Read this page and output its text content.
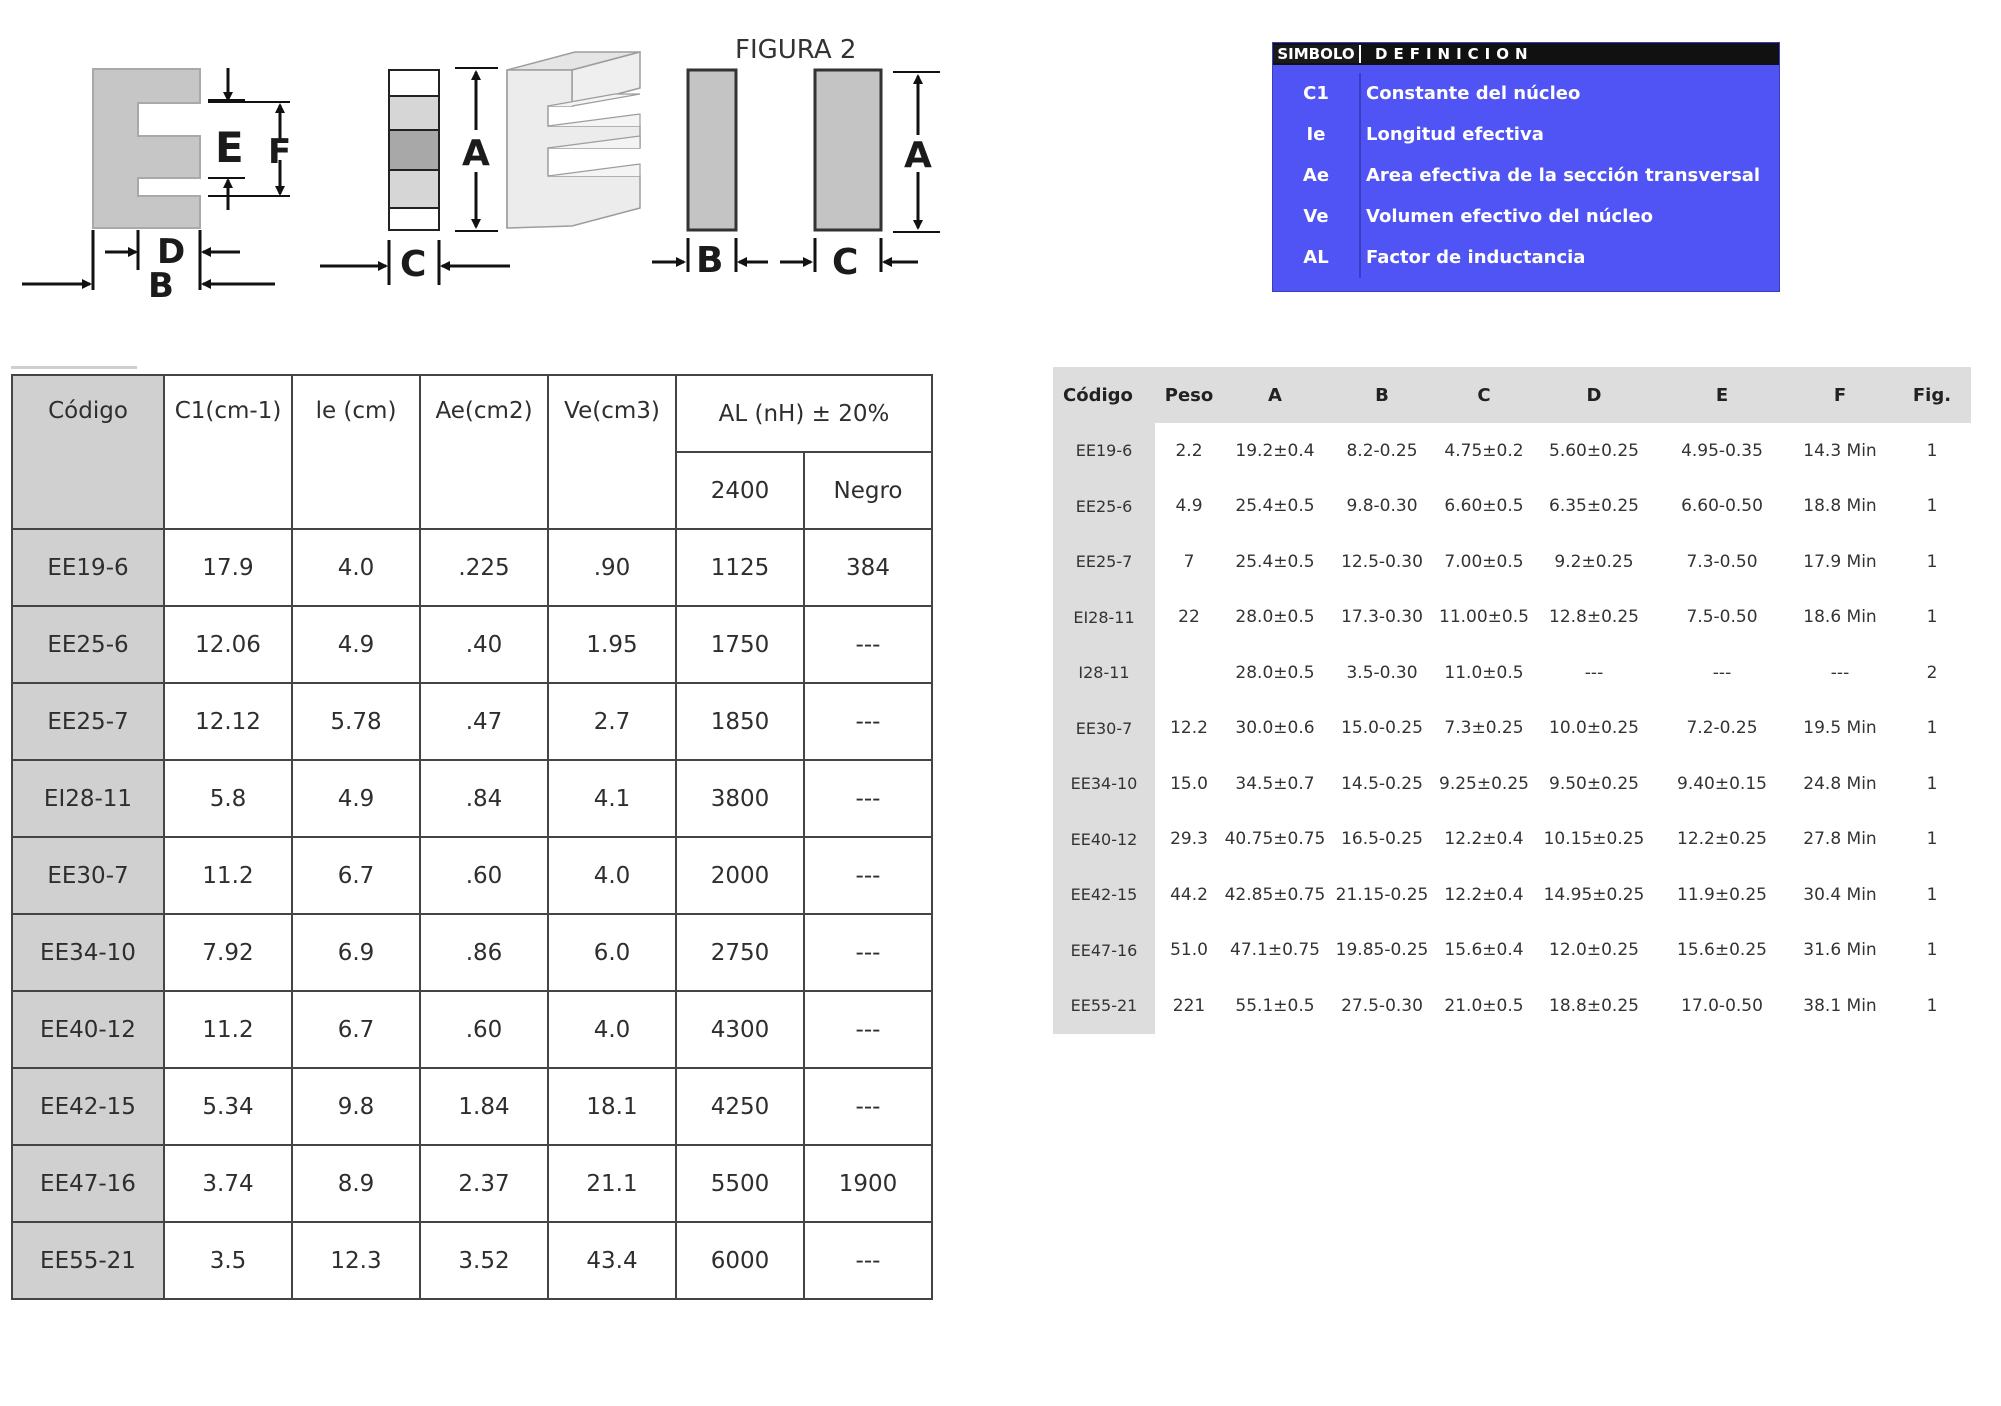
FIGURA 2
E F
D
B
A
C	B	C
A
SIMBOLO	DEFINICION
C1	Constante del núcleo
Ie	Longitud efectiva
Ae	Area efectiva de la sección transversal
Ve	Volumen efectivo del núcleo
AL	Factor de inductancia
Código	C1(cm-1)	le (cm)	Ae(cm2)	Ve(cm3)	AL (nH) ± 20%	
					2400	Negro
EE19-6	17.9	4.0	.225	.90	1125	384
EE25-6	12.06	4.9	.40	1.95	1750	---
EE25-7	12.12	5.78	.47	2.7	1850	---
EI28-11	5.8	4.9	.84	4.1	3800	---
EE30-7	11.2	6.7	.60	4.0	2000	---
EE34-10	7.92	6.9	.86	6.0	2750	---
EE40-12	11.2	6.7	.60	4.0	4300	---
EE42-15	5.34	9.8	1.84	18.1	4250	---
EE47-16	3.74	8.9	2.37	21.1	5500	1900
EE55-21	3.5	12.3	3.52	43.4	6000	---
Código	Peso	A	B	C	D	E	F	Fig.
EE19-6	2.2	19.2±0.4	8.2-0.25	4.75±0.2	5.60±0.25	4.95-0.35	14.3 Min	1
EE25-6	4.9	25.4±0.5	9.8-0.30	6.60±0.5	6.35±0.25	6.60-0.50	18.8 Min	1
EE25-7	7	25.4±0.5	12.5-0.30	7.00±0.5	9.2±0.25	7.3-0.50	17.9 Min	1
EI28-11	22	28.0±0.5	17.3-0.30	11.00±0.5	12.8±0.25	7.5-0.50	18.6 Min	1
I28-11		28.0±0.5	3.5-0.30	11.0±0.5	---	---	---	2
EE30-7	12.2	30.0±0.6	15.0-0.25	7.3±0.25	10.0±0.25	7.2-0.25	19.5 Min	1
EE34-10	15.0	34.5±0.7	14.5-0.25	9.25±0.25	9.50±0.25	9.40±0.15	24.8 Min	1
EE40-12	29.3	40.75±0.75	16.5-0.25	12.2±0.4	10.15±0.25	12.2±0.25	27.8 Min	1
EE42-15	44.2	42.85±0.75	21.15-0.25	12.2±0.4	14.95±0.25	11.9±0.25	30.4 Min	1
EE47-16	51.0	47.1±0.75	19.85-0.25	15.6±0.4	12.0±0.25	15.6±0.25	31.6 Min	1
EE55-21	221	55.1±0.5	27.5-0.30	21.0±0.5	18.8±0.25	17.0-0.50	38.1 Min	1
